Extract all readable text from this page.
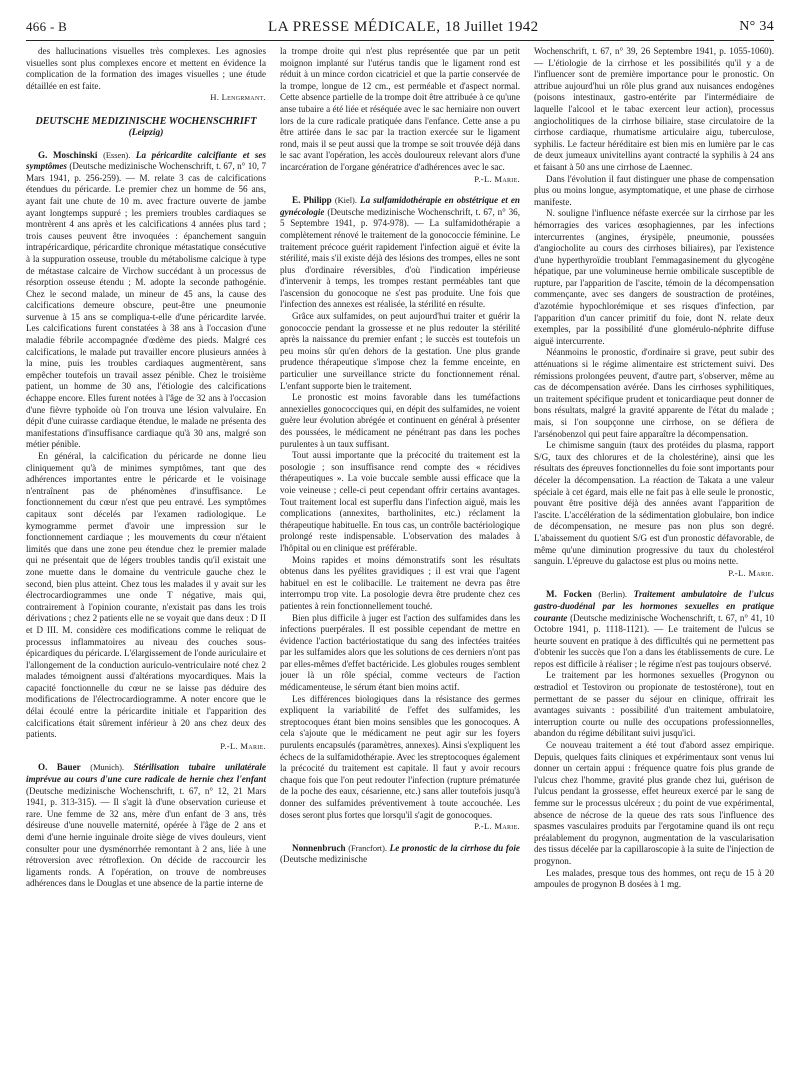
466 - B	LA PRESSE MÉDICALE, 18 Juillet 1942	N° 34

des hallucinations visuelles très complexes. Les agnosies visuelles sont plus complexes encore et mettent en évidence la complication de la formation des images visuelles ; une étude détaillée en est faite.

H. Lengrmant.

DEUTSCHE MEDIZINISCHE WOCHENSCHRIFT
(Leipzig)

G. Moschinski (Essen). La péricardite calcifiante et ses symptômes (Deutsche medizinische Wochenschrift, t. 67, n° 10, 7 Mars 1941, p. 256-259). — M. relate 3 cas de calcifications étendues du péricarde. Le premier chez un homme de 56 ans, ayant fait une chute de 10 m. avec fracture ouverte de jambe ayant longtemps suppuré ; les premiers troubles cardiaques se montrèrent 4 ans après et les calcifications 4 années plus tard ; trois causes peuvent être invoquées : épanchement sanguin intrapéricardique, péricardite chronique métastatique consécutive à la suppuration osseuse, trouble du métabolisme calcique à type de métastase calcaire de Virchow succédant à un processus de résorption osseuse étendu ; M. adopte la seconde pathogénie. Chez le second malade, un mineur de 45 ans, la cause des calcifications demeure obscure, peut-être une pneumonie survenue à 15 ans se compliqua-t-elle d'une péricardite larvée. Les calcifications furent constatées à 38 ans à l'occasion d'une maladie fébrile accompagnée d'œdème des pieds. Malgré ces calcifications, le malade put travailler encore plusieurs années à la mine, puis les troubles cardiaques augmentèrent, sans empêcher toutefois un travail assez pénible. Chez le troisième patient, un homme de 30 ans, l'étiologie des calcifications échappe encore. Elles furent notées à l'âge de 32 ans à l'occasion d'une fièvre typhoïde où l'on trouva une lésion valvulaire. En dépit d'une cuirasse cardiaque étendue, le malade ne présenta des manifestations d'insuffisance cardiaque qu'à 30 ans, malgré son métier pénible.

En général, la calcification du péricarde ne donne lieu cliniquement qu'à de minimes symptômes, tant que des adhérences importantes entre le péricarde et le voisinage n'entraînent pas de phénomènes d'insuffisance. Le fonctionnement du cœur n'est que peu entravé. Les symptômes capitaux sont décelés par l'examen radiologique. Le kymogramme permet d'avoir une impression sur le fonctionnement cardiaque ; les mouvements du cœur n'étaient limités que dans une zone peu étendue chez le premier malade qui ne présentait que de légers troubles tandis qu'il existait une zone muette dans le domaine du ventricule gauche chez le second, bien plus atteint. Chez tous les malades il y avait sur les électrocardiogrammes une onde T négative, mais qui, contrairement à l'opinion courante, n'existait pas dans les trois dérivations ; chez 2 patients elle ne se voyait que dans deux : D II et D III. M. considère ces modifications comme le reliquat de processus inflammatoires au niveau des couches sous-épicardiques du péricarde. L'élargissement de l'onde auriculaire et l'allongement de la conduction auriculo-ventriculaire noté chez 2 malades témoignent aussi d'altérations myocardiques. Mais la capacité fonctionnelle du cœur ne se laisse pas déduire des modifications de l'électrocardiogramme. A noter encore que le délai écoulé entre la péricardite initiale et l'apparition des calcifications était sûrement inférieur à 20 ans chez deux des patients.

P.-L. Marie.

O. Bauer (Munich). Stérilisation tubaire unilatérale imprévue au cours d'une cure radicale de hernie chez l'enfant (Deutsche medizinische Wochenschrift, t. 67, n° 12, 21 Mars 1941, p. 313-315). — Il s'agit là d'une observation curieuse et rare. Une femme de 32 ans, mère d'un enfant de 3 ans, très désireuse d'une nouvelle maternité, opérée à l'âge de 2 ans et demi d'une hernie inguinale droite siège de vives douleurs, vient consulter pour une dysménorrhée remontant à 2 ans, liée à une rétroversion avec rétroflexion. On décide de raccourcir les ligaments ronds. A l'opération, on trouve de nombreuses adhérences dans le Douglas et une absence de la partie interne de

la trompe droite qui n'est plus représentée que par un petit moignon implanté sur l'utérus tandis que le ligament rond est réduit à un mince cordon cicatriciel et que la partie conservée de la trompe, longue de 12 cm., est perméable et d'aspect normal. Cette absence partielle de la trompe doit être attribuée à ce qu'une anse tubaire a été liée et réséquée avec le sac herniaire non ouvert lors de la cure radicale pratiquée dans l'enfance. Cette anse a pu être attirée dans le sac par la traction exercée sur le ligament rond, mais il se peut aussi que la trompe se soit trouvée déjà dans le sac avant l'opération, les accès douloureux relevant alors d'une incarcération de l'organe génératrice d'adhérences avec le sac.

P.-L. Marie.

E. Philipp (Kiel). La sulfamidothérapie en obstétrique et en gynécologie (Deutsche medizinische Wochenschrift, t. 67, n° 36, 5 Septembre 1941, p. 974-978). — La sulfamidothérapie a complètement rénové le traitement de la gonococcie féminine. Le traitement précoce guérit rapidement l'infection aiguë et évite la stérilité, mais s'il existe déjà des lésions des trompes, elles ne sont plus d'ordinaire réversibles, d'où l'indication impérieuse d'intervenir à temps, les trompes restant perméables tant que l'ascension du gonocoque ne s'est pas produite. Une fois que l'infection des annexes est réalisée, la stérilité en résulte.

Grâce aux sulfamides, on peut aujourd'hui traiter et guérir la gonococcie pendant la grossesse et ne plus redouter la stérilité après la naissance du premier enfant ; le succès est toutefois un peu moins sûr qu'en dehors de la gestation. Une plus grande prudence thérapeutique s'impose chez la femme enceinte, en particulier une surveillance stricte du fonctionnement rénal. L'enfant supporte bien le traitement.

Le pronostic est moins favorable dans les tuméfactions annexielles gonococciques qui, en dépit des sulfamides, ne voient guère leur évolution abrégée et continuent en général à présenter des poussées, le médicament ne pénétrant pas dans les poches purulentes à un taux suffisant.

Tout aussi importante que la précocité du traitement est la posologie ; son insuffisance rend compte des « récidives thérapeutiques ». La voie buccale semble aussi efficace que la voie veineuse ; celle-ci peut cependant offrir certains avantages. Tout traitement local est superflu dans l'infection aiguë, mais les complications (annexites, bartholinites, etc.) réclament la thérapeutique habituelle. En tous cas, un contrôle bactériologique prolongé reste indispensable. L'observation des malades à l'hôpital ou en clinique est préférable.

Moins rapides et moins démonstratifs sont les résultats obtenus dans les pyélites gravidiques ; il est vrai que l'agent habituel en est le colibacille. Le traitement ne devra pas être interrompu trop vite. La posologie devra être prudente chez ces patientes à rein fonctionnellement touché.

Bien plus difficile à juger est l'action des sulfamides dans les infections puerpérales. Il est possible cependant de mettre en évidence l'action bactériostatique du sang des infectées traitées par les sulfamides alors que les solutions de ces derniers n'ont pas par elles-mêmes d'effet bactéricide. Les globules rouges semblent jouer là un rôle spécial, comme vecteurs de l'action médicamenteuse, le sérum étant bien moins actif.

Les différences biologiques dans la résistance des germes expliquent la variabilité de l'effet des sulfamides, les streptocoques étant bien moins sensibles que les gonocoques. A cela s'ajoute que le médicament ne peut agir sur les foyers purulents encapsulés (paramètres, annexes). Ainsi s'expliquent les échecs de la sulfamidothérapie. Avec les streptocoques également la précocité du traitement est capitale. Il faut y avoir recours chaque fois que l'on peut redouter l'infection (rupture prématurée de la poche des eaux, césarienne, etc.) sans aller toutefois jusqu'à donner des sulfamides préventivement à toute accouchée. Les doses seront plus fortes que lorsqu'il s'agit de gonocoques.

P.-L. Marie.

Nonnenbruch (Francfort). Le pronostic de la cirrhose du foie (Deutsche medizinische

Wochenschrift, t. 67, n° 39, 26 Septembre 1941, p. 1055-1060). — L'étiologie de la cirrhose et les possibilités qu'il y a de l'influencer sont de première importance pour le pronostic. On attribue aujourd'hui un rôle plus grand aux nuisances endogènes (poisons intestinaux, gastro-entérite par l'intermédiaire de laquelle l'alcool et le tabac exercent leur action), processus angiocholitiques de la cirrhose biliaire, stase circulatoire de la cirrhose cardiaque, rhumatisme articulaire aigu, tuberculose, syphilis. Le facteur héréditaire est bien mis en lumière par le cas de deux jumeaux univitellins ayant contracté la syphilis à 24 ans et faisant à 50 ans une cirrhose de Laennec.

Dans l'évolution il faut distinguer une phase de compensation plus ou moins longue, asymptomatique, et une phase de cirrhose manifeste.

N. souligne l'influence néfaste exercée sur la cirrhose par les hémorragies des varices œsophagiennes, par les infections intercurrentes (angines, érysipèle, pneumonie, poussées d'angiocholite au cours des cirrhoses biliaires), par l'existence d'une hyperthyroïdie troublant l'emmagasinement du glycogène hépatique, par une volumineuse hernie ombilicale susceptible de rupture, par l'apparition de l'ascite, témoin de la décompensation commençante, avec ses dangers de soustraction de protéines, d'azotémie hypochlorémique et ses risques d'infection, par l'apparition d'un cancer primitif du foie, dont N. relate deux exemples, par la possibilité d'une glomérulo-néphrite diffuse aiguë intercurrente.

Néanmoins le pronostic, d'ordinaire si grave, peut subir des atténuations si le régime alimentaire est strictement suivi. Des rémissions prolongées peuvent, d'autre part, s'observer, même au cas de décompensation avérée. Dans les cirrhoses syphilitiques, un traitement spécifique prudent et tonicardiaque peut donner de bons résultats, malgré la gravité apparente de l'état du malade ; mais, si l'on soupçonne une cirrhose, on se défiera de l'arsénobenzol qui peut faire apparaître la décompensation.

Le chimisme sanguin (taux des protéides du plasma, rapport S/G, taux des chlorures et de la cholestérine), ainsi que les résultats des épreuves fonctionnelles du foie sont importants pour déceler la décompensation. La réaction de Takata a une valeur spéciale à cet égard, mais elle ne fait pas à elle seule le pronostic, pouvant être positive déjà des années avant l'apparition de l'ascite. L'accélération de la sédimentation globulaire, bon indice de décompensation, ne mesure pas non plus son degré. L'abaissement du quotient S/G est d'un pronostic défavorable, de même qu'une diminution progressive du taux du cholestérol sanguin. L'épreuve du galactose est plus ou moins nette.

P.-L. Marie.

M. Focken (Berlin). Traitement ambulatoire de l'ulcus gastro-duodénal par les hormones sexuelles en pratique courante (Deutsche medizinische Wochenschrift, t. 67, n° 41, 10 Octobre 1941, p. 1118-1121). — Le traitement de l'ulcus se heurte souvent en pratique à des difficultés qui ne permettent pas d'obtenir les succès que l'on a dans les établissements de cure. Le repos est difficile à réaliser ; le régime n'est pas toujours observé.

Le traitement par les hormones sexuelles (Progynon ou œstradiol et Testoviron ou propionate de testostérone), tout en permettant de se passer du séjour en clinique, offrirait les avantages suivants : possibilité d'un traitement ambulatoire, interruption courte ou nulle des occupations professionnelles, abandon du régime débilitant suivi jusqu'ici.

Ce nouveau traitement a été tout d'abord assez empirique. Depuis, quelques faits cliniques et expérimentaux sont venus lui donner un certain appui : fréquence quatre fois plus grande de l'ulcus chez l'homme, gravité plus grande chez lui, guérison de l'ulcus pendant la grossesse, effet heureux exercé par le sang de femme sur le processus ulcéreux ; du point de vue expérimental, absence de nécrose de la queue des rats sous l'influence des spasmes vasculaires produits par l'ergotamine quand ils ont reçu préalablement du progynon, augmentation de la vascularisation des tissus décelée par la capillaroscopie à la suite de l'injection de progynon.

Les malades, presque tous des hommes, ont reçu de 15 à 20 ampoules de progynon B dosées à 1 mg.
